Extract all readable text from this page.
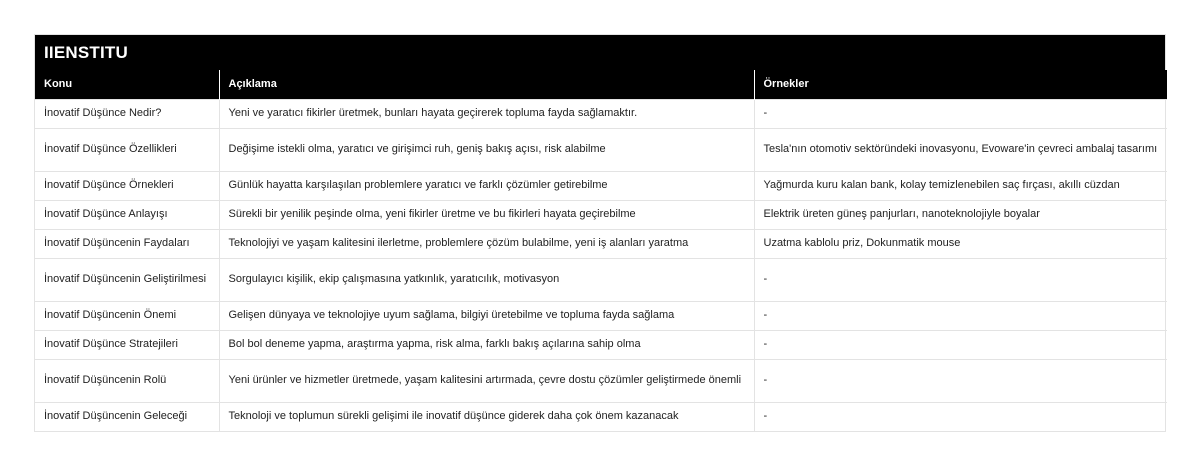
IIENSTITU
Konu	Açıklama	Örnekler
İnovatif Düşünce Nedir?	Yeni ve yaratıcı fikirler üretmek, bunları hayata geçirerek topluma fayda sağlamaktır.	-
İnovatif Düşünce Özellikleri	Değişime istekli olma, yaratıcı ve girişimci ruh, geniş bakış açısı, risk alabilme	Tesla'nın otomotiv sektöründeki inovasyonu, Evoware'in çevreci ambalaj tasarımı
İnovatif Düşünce Örnekleri	Günlük hayatta karşılaşılan problemlere yaratıcı ve farklı çözümler getirebilme	Yağmurda kuru kalan bank, kolay temizlenebilen saç fırçası, akıllı cüzdan
İnovatif Düşünce Anlayışı	Sürekli bir yenilik peşinde olma, yeni fikirler üretme ve bu fikirleri hayata geçirebilme	Elektrik üreten güneş panjurları, nanoteknolojiyle boyalar
İnovatif Düşüncenin Faydaları	Teknolojiyi ve yaşam kalitesini ilerletme, problemlere çözüm bulabilme, yeni iş alanları yaratma	Uzatma kablolu priz, Dokunmatik mouse
İnovatif Düşüncenin Geliştirilmesi	Sorgulayıcı kişilik, ekip çalışmasına yatkınlık, yaratıcılık, motivasyon	-
İnovatif Düşüncenin Önemi	Gelişen dünyaya ve teknolojiye uyum sağlama, bilgiyi üretebilme ve topluma fayda sağlama	-
İnovatif Düşünce Stratejileri	Bol bol deneme yapma, araştırma yapma, risk alma, farklı bakış açılarına sahip olma	-
İnovatif Düşüncenin Rolü	Yeni ürünler ve hizmetler üretmede, yaşam kalitesini artırmada, çevre dostu çözümler geliştirmede önemli	-
İnovatif Düşüncenin Geleceği	Teknoloji ve toplumun sürekli gelişimi ile inovatif düşünce giderek daha çok önem kazanacak	-
